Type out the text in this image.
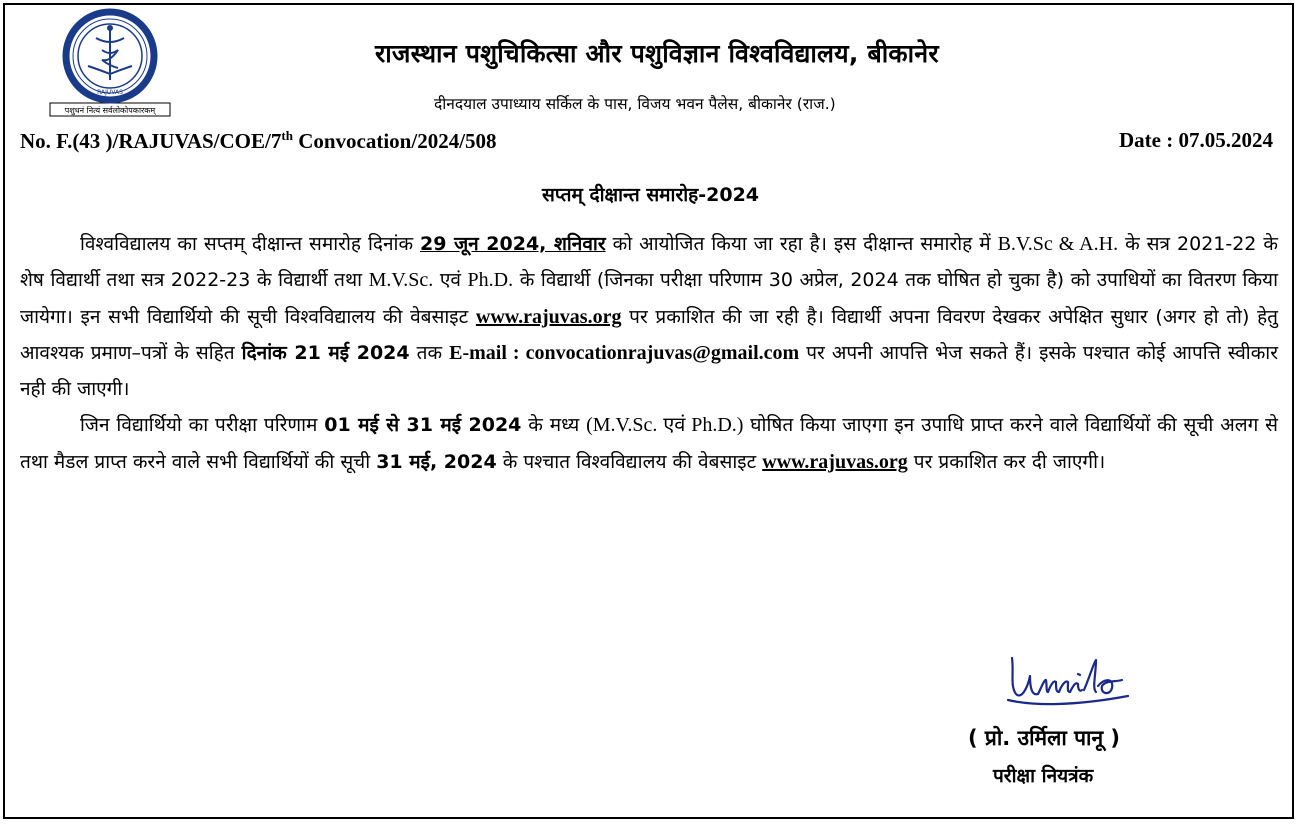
पशुधनं नित्यं सर्वलोकोपकारकम्
RAJUVAS
राजस्थान पशुचिकित्सा और पशुविज्ञान विश्वविद्यालय, बीकानेर
दीनदयाल उपाध्याय सर्किल के पास, विजय भवन पैलेस, बीकानेर (राज.)
No. F.(43 )/RAJUVAS/COE/7th Convocation/2024/508	Date : 07.05.2024
सप्तम् दीक्षान्त समारोह-2024

विश्वविद्यालय का सप्तम् दीक्षान्त समारोह दिनांक 29 जून 2024, शनिवार को आयोजित किया जा रहा है। इस दीक्षान्त समारोह में B.V.Sc & A.H. के सत्र 2021-22 के शेष विद्यार्थी तथा सत्र 2022-23 के विद्यार्थी तथा M.V.Sc. एवं Ph.D. के विद्यार्थी (जिनका परीक्षा परिणाम 30 अप्रेल, 2024 तक घोषित हो चुका है) को उपाधियों का वितरण किया जायेगा। इन सभी विद्यार्थियो की सूची विश्वविद्यालय की वेबसाइट www.rajuvas.org पर प्रकाशित की जा रही है। विद्यार्थी अपना विवरण देखकर अपेक्षित सुधार (अगर हो तो) हेतु आवश्यक प्रमाण–पत्रों के सहित दिनांक 21 मई 2024 तक E-mail : convocationrajuvas@gmail.com पर अपनी आपत्ति भेज सकते हैं। इसके पश्चात कोई आपत्ति स्वीकार नही की जाएगी।

जिन विद्यार्थियो का परीक्षा परिणाम 01 मई से 31 मई 2024 के मध्य (M.V.Sc. एवं Ph.D.) घोषित किया जाएगा इन उपाधि प्राप्त करने वाले विद्यार्थियों की सूची अलग से तथा मैडल प्राप्त करने वाले सभी विद्यार्थियों की सूची 31 मई, 2024 के पश्चात विश्वविद्यालय की वेबसाइट www.rajuvas.org पर प्रकाशित कर दी जाएगी।

( प्रो. उर्मिला पानू )
परीक्षा नियत्रंक
